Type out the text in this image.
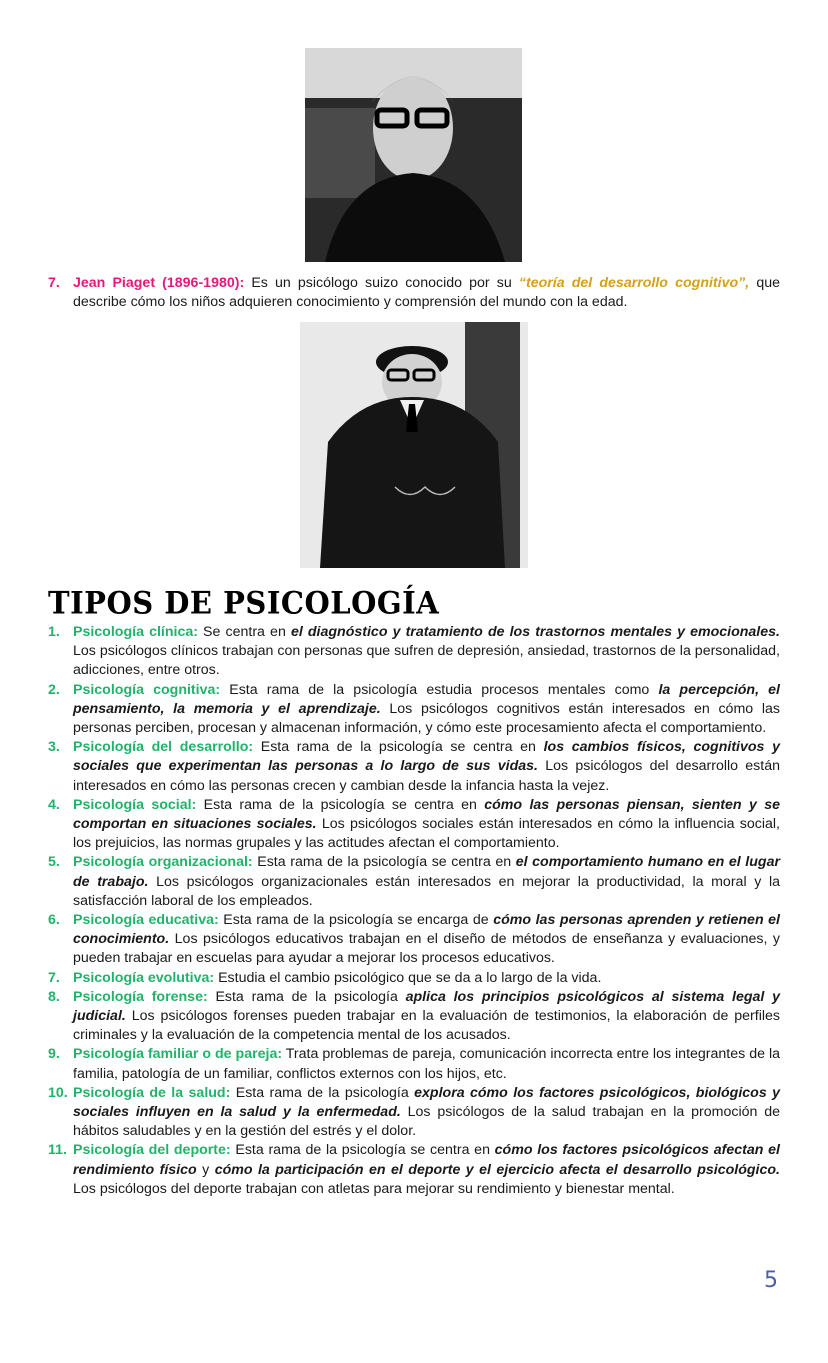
7. Jean Piaget (1896-1980): Es un psicólogo suizo conocido por su “teoría del desarrollo cognitivo”, que describe cómo los niños adquieren conocimiento y comprensión del mundo con la edad.
TIPOS DE PSICOLOGÍA
1. Psicología clínica: Se centra en el diagnóstico y tratamiento de los trastornos mentales y emocionales. Los psicólogos clínicos trabajan con personas que sufren de depresión, ansiedad, trastornos de la personalidad, adicciones, entre otros.
2. Psicología cognitiva: Esta rama de la psicología estudia procesos mentales como la percepción, el pensamiento, la memoria y el aprendizaje. Los psicólogos cognitivos están interesados en cómo las personas perciben, procesan y almacenan información, y cómo este procesamiento afecta el comportamiento.
3. Psicología del desarrollo: Esta rama de la psicología se centra en los cambios físicos, cognitivos y sociales que experimentan las personas a lo largo de sus vidas. Los psicólogos del desarrollo están interesados en cómo las personas crecen y cambian desde la infancia hasta la vejez.
4. Psicología social: Esta rama de la psicología se centra en cómo las personas piensan, sienten y se comportan en situaciones sociales. Los psicólogos sociales están interesados en cómo la influencia social, los prejuicios, las normas grupales y las actitudes afectan el comportamiento.
5. Psicología organizacional: Esta rama de la psicología se centra en el comportamiento humano en el lugar de trabajo. Los psicólogos organizacionales están interesados en mejorar la productividad, la moral y la satisfacción laboral de los empleados.
6. Psicología educativa: Esta rama de la psicología se encarga de cómo las personas aprenden y retienen el conocimiento. Los psicólogos educativos trabajan en el diseño de métodos de enseñanza y evaluaciones, y pueden trabajar en escuelas para ayudar a mejorar los procesos educativos.
7. Psicología evolutiva: Estudia el cambio psicológico que se da a lo largo de la vida.
8. Psicología forense: Esta rama de la psicología aplica los principios psicológicos al sistema legal y judicial. Los psicólogos forenses pueden trabajar en la evaluación de testimonios, la elaboración de perfiles criminales y la evaluación de la competencia mental de los acusados.
9. Psicología familiar o de pareja: Trata problemas de pareja, comunicación incorrecta entre los integrantes de la familia, patología de un familiar, conflictos externos con los hijos, etc.
10. Psicología de la salud: Esta rama de la psicología explora cómo los factores psicológicos, biológicos y sociales influyen en la salud y la enfermedad. Los psicólogos de la salud trabajan en la promoción de hábitos saludables y en la gestión del estrés y el dolor.
11. Psicología del deporte: Esta rama de la psicología se centra en cómo los factores psicológicos afectan el rendimiento físico y cómo la participación en el deporte y el ejercicio afecta el desarrollo psicológico. Los psicólogos del deporte trabajan con atletas para mejorar su rendimiento y bienestar mental.
5
